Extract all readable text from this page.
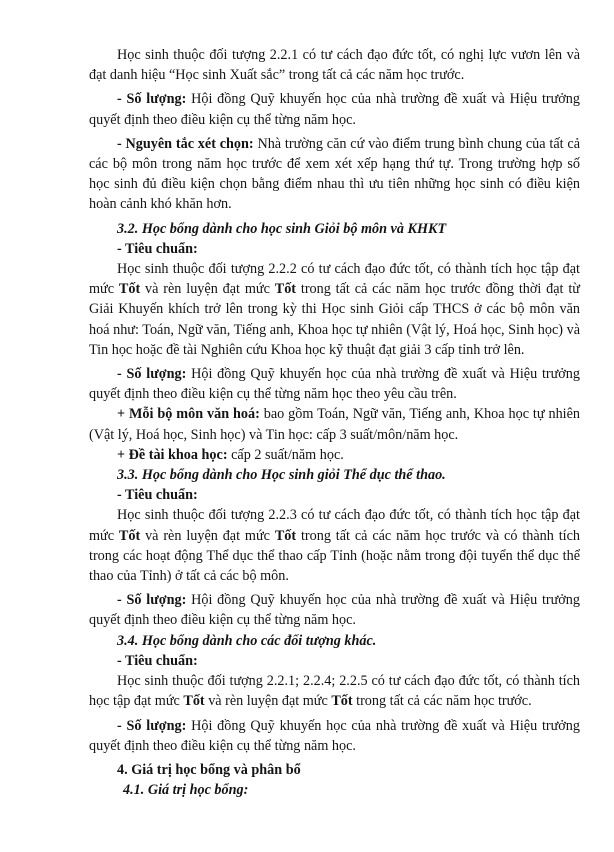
Học sinh thuộc đối tượng 2.2.1 có tư cách đạo đức tốt, có nghị lực vươn lên và đạt danh hiệu “Học sinh Xuất sắc” trong tất cả các năm học trước.

- Số lượng: Hội đồng Quỹ khuyến học của nhà trường đề xuất và Hiệu trưởng quyết định theo điều kiện cụ thể từng năm học.

- Nguyên tắc xét chọn: Nhà trường căn cứ vào điểm trung bình chung của tất cả các bộ môn trong năm học trước để xem xét xếp hạng thứ tự. Trong trường hợp số học sinh đủ điều kiện chọn bằng điểm nhau thì ưu tiên những học sinh có điều kiện hoàn cảnh khó khăn hơn.

3.2. Học bổng dành cho học sinh Giỏi bộ môn và KHKT

- Tiêu chuẩn:

Học sinh thuộc đối tượng 2.2.2 có tư cách đạo đức tốt, có thành tích học tập đạt mức Tốt và rèn luyện đạt mức Tốt trong tất cả các năm học trước đồng thời đạt từ Giải Khuyến khích trở lên trong kỳ thi Học sinh Giỏi cấp THCS ở các bộ môn văn hoá như: Toán, Ngữ văn, Tiếng anh, Khoa học tự nhiên (Vật lý, Hoá học, Sinh học) và Tin học hoặc đề tài Nghiên cứu Khoa học kỹ thuật đạt giải 3 cấp tỉnh trở lên.

- Số lượng: Hội đồng Quỹ khuyến học của nhà trường đề xuất và Hiệu trưởng quyết định theo điều kiện cụ thể từng năm học theo yêu cầu trên.

+ Mỗi bộ môn văn hoá: bao gồm Toán, Ngữ văn, Tiếng anh, Khoa học tự nhiên (Vật lý, Hoá học, Sinh học) và Tin học: cấp 3 suất/môn/năm học.

+ Đề tài khoa học: cấp 2 suất/năm học.

3.3. Học bổng dành cho Học sinh giỏi Thể dục thể thao.

- Tiêu chuẩn:

Học sinh thuộc đối tượng 2.2.3 có tư cách đạo đức tốt, có thành tích học tập đạt mức Tốt và rèn luyện đạt mức Tốt trong tất cả các năm học trước và có thành tích trong các hoạt động Thể dục thể thao cấp Tỉnh (hoặc nằm trong đội tuyển thể dục thể thao của Tỉnh) ở tất cả các bộ môn.

- Số lượng: Hội đồng Quỹ khuyến học của nhà trường đề xuất và Hiệu trưởng quyết định theo điều kiện cụ thể từng năm học.

3.4. Học bổng dành cho các đối tượng khác.

- Tiêu chuẩn:

Học sinh thuộc đối tượng 2.2.1; 2.2.4; 2.2.5 có tư cách đạo đức tốt, có thành tích học tập đạt mức Tốt và rèn luyện đạt mức Tốt trong tất cả các năm học trước.

- Số lượng: Hội đồng Quỹ khuyến học của nhà trường đề xuất và Hiệu trưởng quyết định theo điều kiện cụ thể từng năm học.

4. Giá trị học bổng và phân bổ

4.1. Giá trị học bổng:
